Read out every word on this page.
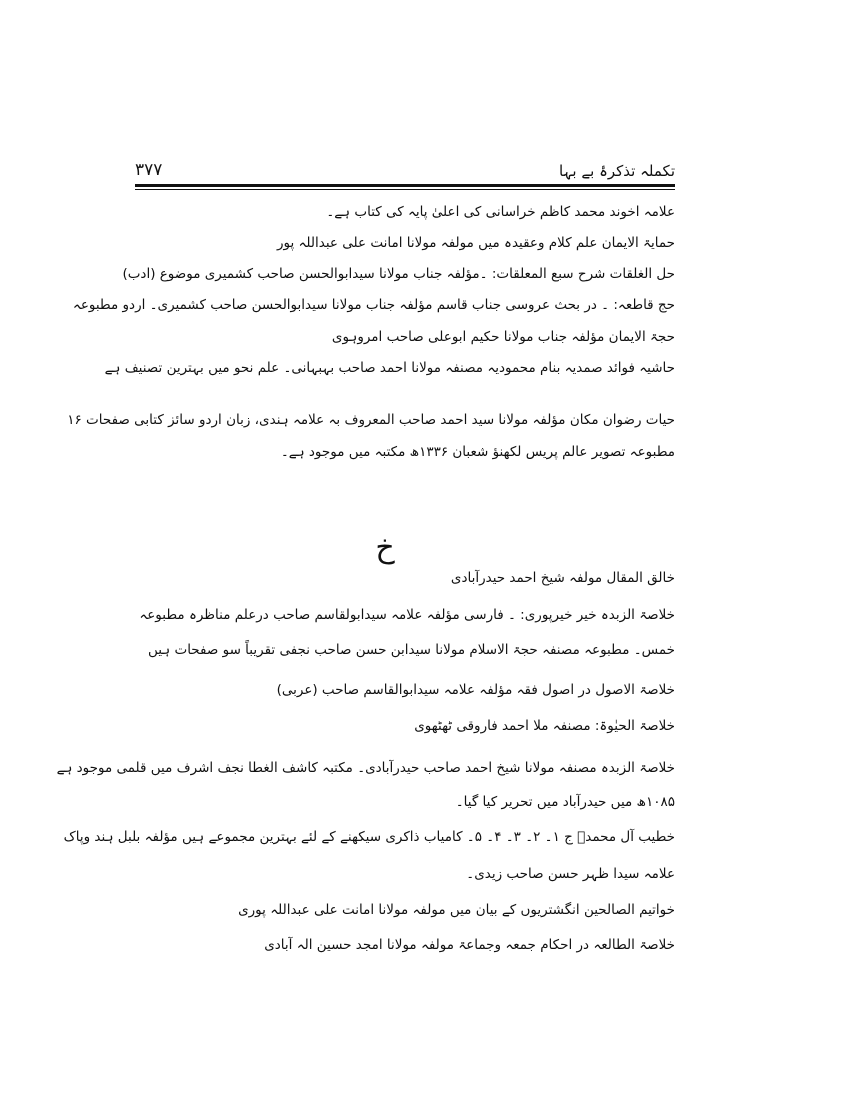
تکملہ تذکرۂ بے بہا
۳۷۷
علامہ اخوند محمد کاظم خراسانی کی اعلیٰ پایہ کی کتاب ہے۔
حمایۃ الایمان علم کلام وعقیدہ میں مولفہ مولانا امانت علی عبداللہ پور
حل الغلقات شرح سبع المعلقات: ۔مؤلفہ جناب مولانا سیدابوالحسن صاحب کشمیری موضوع (ادب)
حج قاطعہ: ۔ در بحث عروسی جناب قاسم مؤلفہ جناب مولانا سیدابوالحسن صاحب کشمیری۔ اردو مطبوعہ
حجۃ الایمان مؤلفہ جناب مولانا حکیم ابوعلی صاحب امروہوی
حاشیہ فوائد صمدیہ بنام محمودیہ مصنفہ مولانا احمد صاحب بہبہانی۔ علم نحو میں بہترین تصنیف ہے
حیات رضوان مکان مؤلفہ مولانا سید احمد صاحب المعروف بہ علامہ ہندی، زبان اردو سائز کتابی صفحات ۱۶
مطبوعہ تصویر عالم پریس لکھنؤ شعبان ۱۳۳۶ھ مکتبہ میں موجود ہے۔
خ
خالق المقال مولفہ شیخ احمد حیدرآبادی
خلاصۃ الزبدہ خیر خیرپوری: ۔ فارسی مؤلفہ علامہ سیدابولقاسم صاحب درعلم مناظرہ مطبوعہ
خمس۔ مطبوعہ مصنفہ حجۃ الاسلام مولانا سیدابن حسن صاحب نجفی تقریباً سو صفحات ہیں
خلاصۃ الاصول در اصول فقہ مؤلفہ علامہ سیدابوالقاسم صاحب (عربی)
خلاصۃ الحیٰوۃ: مصنفہ ملا احمد فاروقی ٹھٹھوی
خلاصۃ الزبدہ مصنفہ مولانا شیخ احمد صاحب حیدرآبادی۔ مکتبہ کاشف الغطا نجف اشرف میں قلمی موجود ہے
۱۰۸۵ھ میں حیدرآباد میں تحریر کیا گیا۔
خطیب آل محمدؐ ج ۱۔ ۲۔ ۳۔ ۴۔ ۵۔ کامیاب ذاکری سیکھنے کے لئے بہترین مجموعے ہیں مؤلفہ بلبل ہند وپاک
علامہ سیدا ظہر حسن صاحب زیدی۔
خواتیم الصالحین انگشتریوں کے بیان میں مولفہ مولانا امانت علی عبداللہ پوری
خلاصۃ الطالعہ در احکام جمعہ وجماعۃ مولفہ مولانا امجد حسین الہ آبادی
